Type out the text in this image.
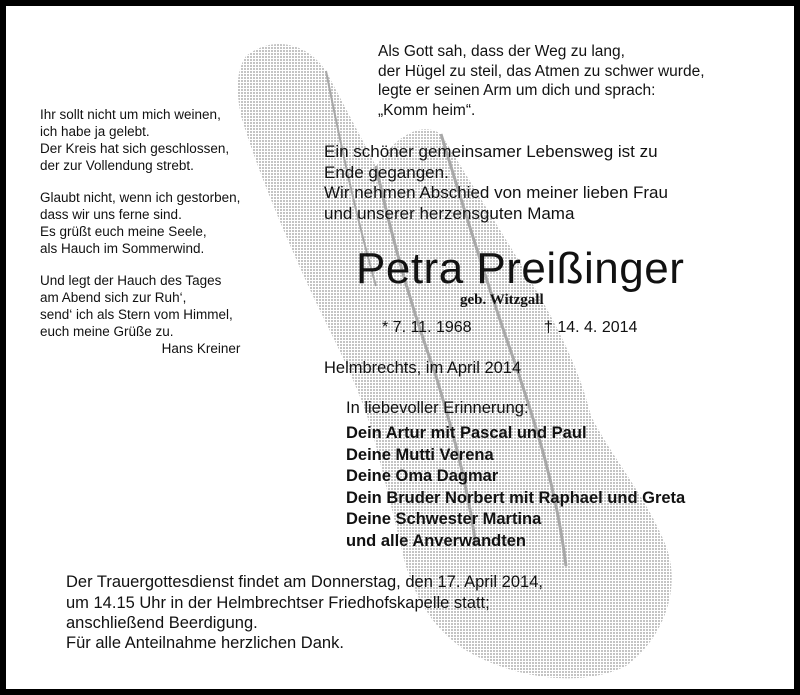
Als Gott sah, dass der Weg zu lang,
der Hügel zu steil, das Atmen zu schwer wurde,
legte er seinen Arm um dich und sprach:
„Komm heim“.
Ihr sollt nicht um mich weinen,
ich habe ja gelebt.
Der Kreis hat sich geschlossen,
der zur Vollendung strebt.
Glaubt nicht, wenn ich gestorben,
dass wir uns ferne sind.
Es grüßt euch meine Seele,
als Hauch im Sommerwind.
Und legt der Hauch des Tages
am Abend sich zur Ruh‘,
send‘ ich als Stern vom Himmel,
euch meine Grüße zu.
Hans Kreiner
Ein schöner gemeinsamer Lebensweg ist zu
Ende gegangen.
Wir nehmen Abschied von meiner lieben Frau
und unserer herzensguten Mama
Petra Preißinger
geb. Witzgall
* 7. 11. 1968	† 14. 4. 2014
Helmbrechts, im April 2014
In liebevoller Erinnerung:
Dein Artur mit Pascal und Paul
Deine Mutti Verena
Deine Oma Dagmar
Dein Bruder Norbert mit Raphael und Greta
Deine Schwester Martina
und alle Anverwandten
Der Trauergottesdienst findet am Donnerstag, den 17. April 2014,
um 14.15 Uhr in der Helmbrechtser Friedhofskapelle statt;
anschließend Beerdigung.
Für alle Anteilnahme herzlichen Dank.
